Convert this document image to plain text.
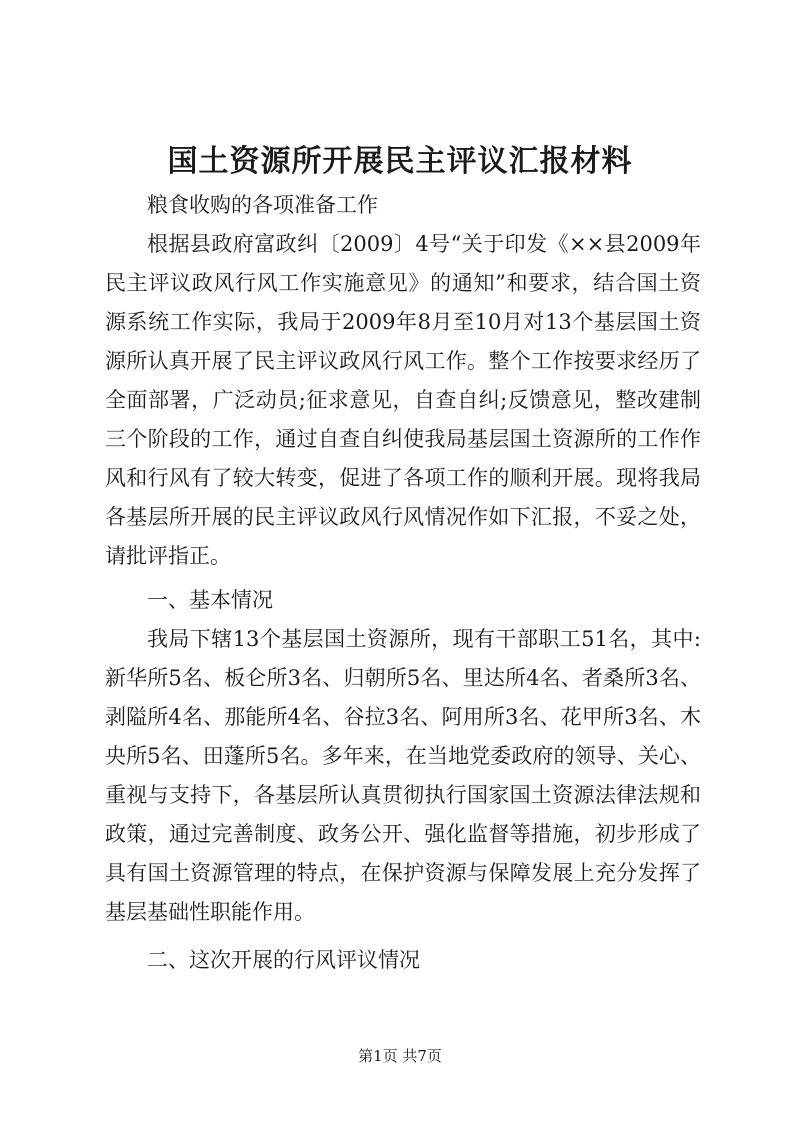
国土资源所开展民主评议汇报材料

粮食收购的各项准备工作

根据县政府富政纠〔2009〕4号“关于印发《××县2009年民主评议政风行风工作实施意见》的通知”和要求，结合国土资源系统工作实际，我局于2009年8月至10月对13个基层国土资源所认真开展了民主评议政风行风工作。整个工作按要求经历了全面部署，广泛动员;征求意见，自查自纠;反馈意见，整改建制三个阶段的工作，通过自查自纠使我局基层国土资源所的工作作风和行风有了较大转变，促进了各项工作的顺利开展。现将我局各基层所开展的民主评议政风行风情况作如下汇报，不妥之处，请批评指正。

一、基本情况

我局下辖13个基层国土资源所，现有干部职工51名，其中:新华所5名、板仑所3名、归朝所5名、里达所4名、者桑所3名、剥隘所4名、那能所4名、谷拉3名、阿用所3名、花甲所3名、木央所5名、田蓬所5名。多年来，在当地党委政府的领导、关心、重视与支持下，各基层所认真贯彻执行国家国土资源法律法规和政策，通过完善制度、政务公开、强化监督等措施，初步形成了具有国土资源管理的特点，在保护资源与保障发展上充分发挥了基层基础性职能作用。

二、这次开展的行风评议情况

第1页 共7页
